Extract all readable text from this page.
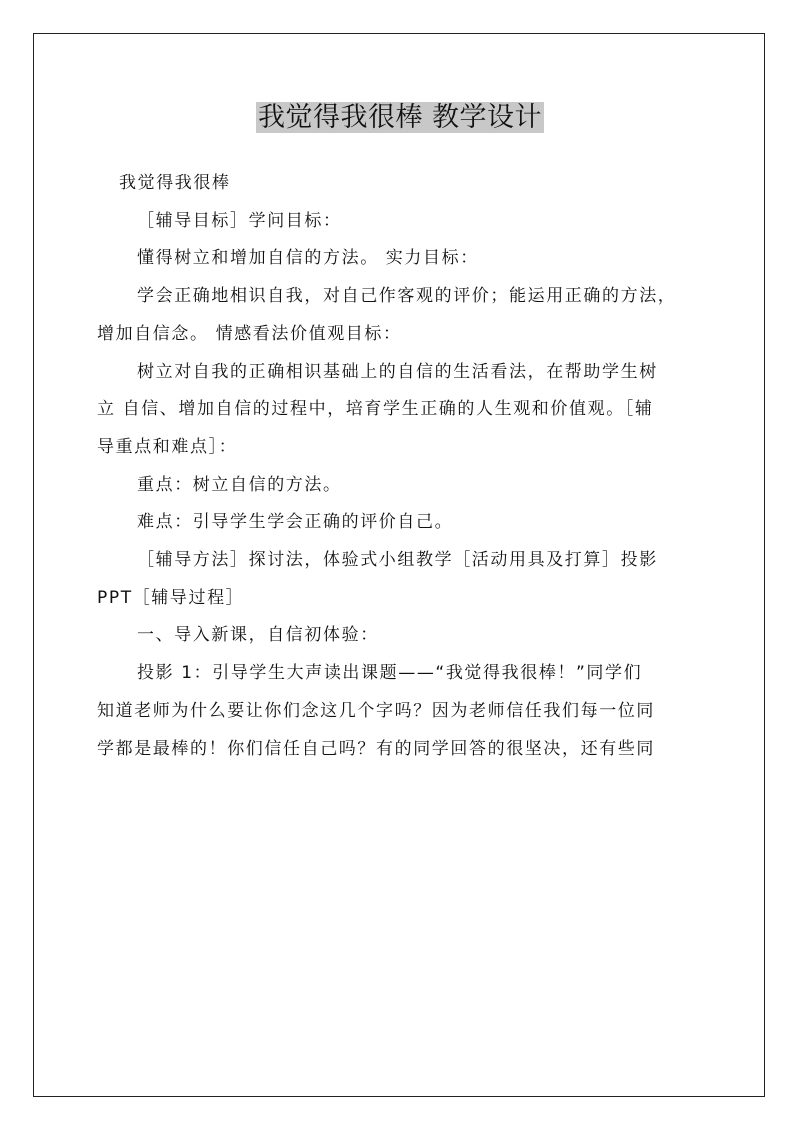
我觉得我很棒 教学设计
我觉得我很棒
［辅导目标］学问目标：
懂得树立和增加自信的方法。 实力目标：
学会正确地相识自我，对自己作客观的评价；能运用正确的方法，
增加自信念。 情感看法价值观目标：
树立对自我的正确相识基础上的自信的生活看法，在帮助学生树
立 自信、增加自信的过程中，培育学生正确的人生观和价值观。［辅
导重点和难点］：
重点：树立自信的方法。
难点：引导学生学会正确的评价自己。
［辅导方法］探讨法，体验式小组教学［活动用具及打算］投影
PPT［辅导过程］
一、导入新课，自信初体验：
投影 1：引导学生大声读出课题——“我觉得我很棒！”同学们
知道老师为什么要让你们念这几个字吗？因为老师信任我们每一位同
学都是最棒的！你们信任自己吗？有的同学回答的很坚决，还有些同
